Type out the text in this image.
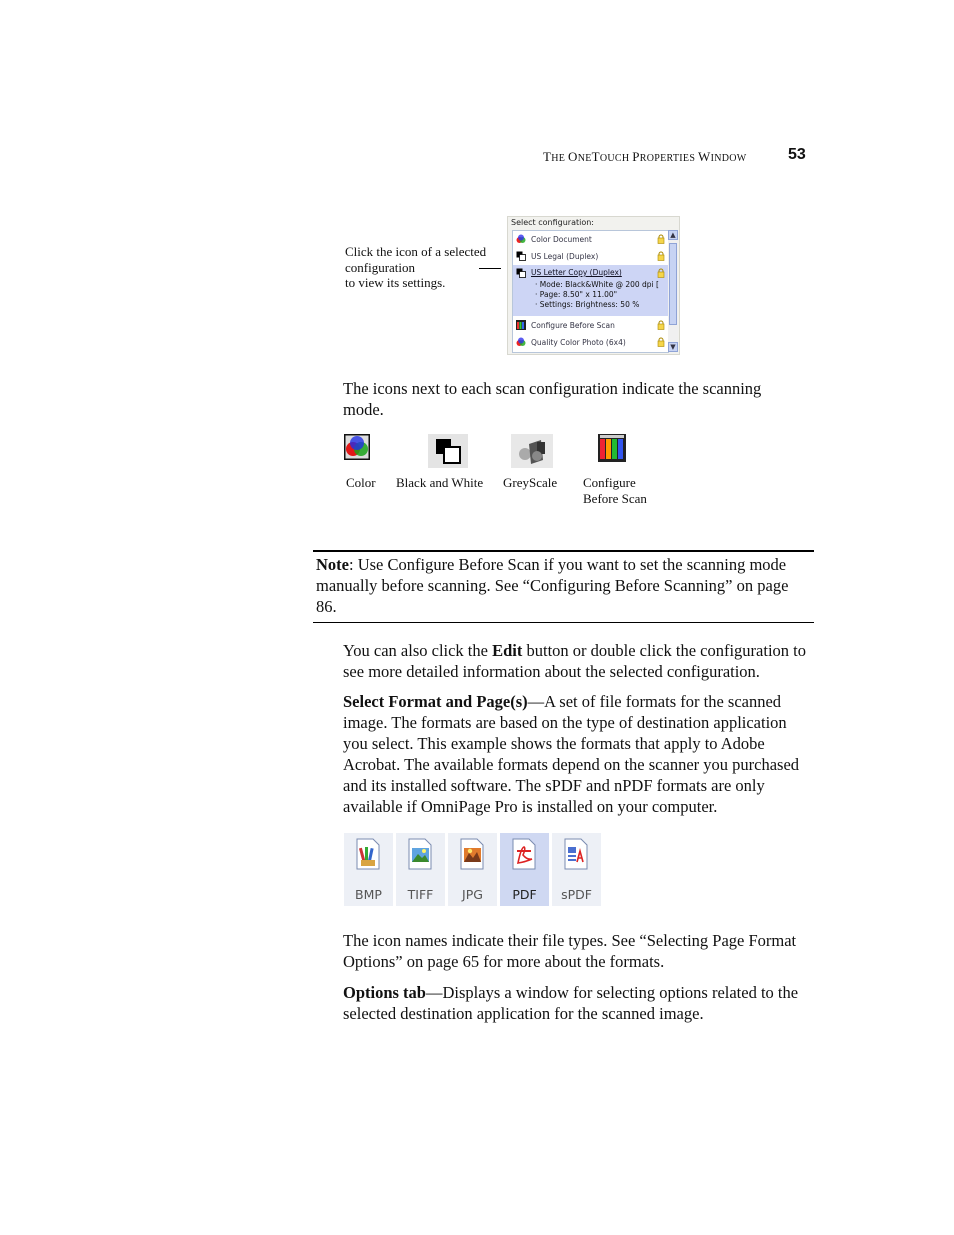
THE ONETOUCH PROPERTIES WINDOW	53
Click the icon of a selected
configuration
to view its settings.
Select configuration:
Color Document
US Legal (Duplex)
US Letter Copy (Duplex)
· Mode: Black&White @ 200 dpi [
· Page: 8.50" x 11.00"
· Settings: Brightness: 50 %
Configure Before Scan
Quality Color Photo (6x4)
▲
▼
The icons next to each scan configuration indicate the scanning mode.
Color Black and White GreyScale Configure
Before Scan
Note: Use Configure Before Scan if you want to set the scanning mode manually before scanning. See “Configuring Before Scanning” on page 86.
You can also click the Edit button or double click the configuration to see more detailed information about the selected configuration.
Select Format and Page(s)—A set of file formats for the scanned image. The formats are based on the type of destination application you select. This example shows the formats that apply to Adobe Acrobat. The available formats depend on the scanner you purchased and its installed software. The sPDF and nPDF formats are only available if OmniPage Pro is installed on your computer.
BMP	TIFF	JPG	PDF	sPDF
The icon names indicate their file types. See “Selecting Page Format Options” on page 65 for more about the formats.
Options tab—Displays a window for selecting options related to the selected destination application for the scanned image.
